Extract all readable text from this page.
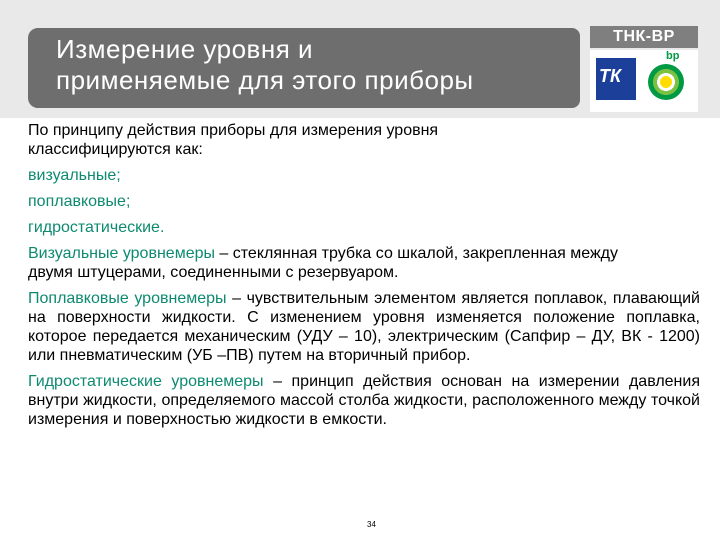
Измерение уровня и
применяемые для этого приборы
ТНК-ВР
ТК
bp

По принципу действия приборы для измерения уровня

классифицируются как:

визуальные;

поплавковые;

гидростатические.

Визуальные уровнемеры – стеклянная трубка со шкалой, закрепленная между двумя штуцерами, соединенными с резервуаром.

Поплавковые уровнемеры – чувствительным элементом является поплавок, плавающий на поверхности жидкости. С изменением уровня изменяется положение поплавка, которое передается механическим (УДУ – 10), электрическим (Сапфир – ДУ, ВК - 1200) или пневматическим (УБ –ПВ) путем на вторичный прибор.

Гидростатические уровнемеры – принцип действия основан на измерении давления внутри жидкости, определяемого массой столба жидкости, расположенного между точкой измерения и поверхностью жидкости в емкости.

34
